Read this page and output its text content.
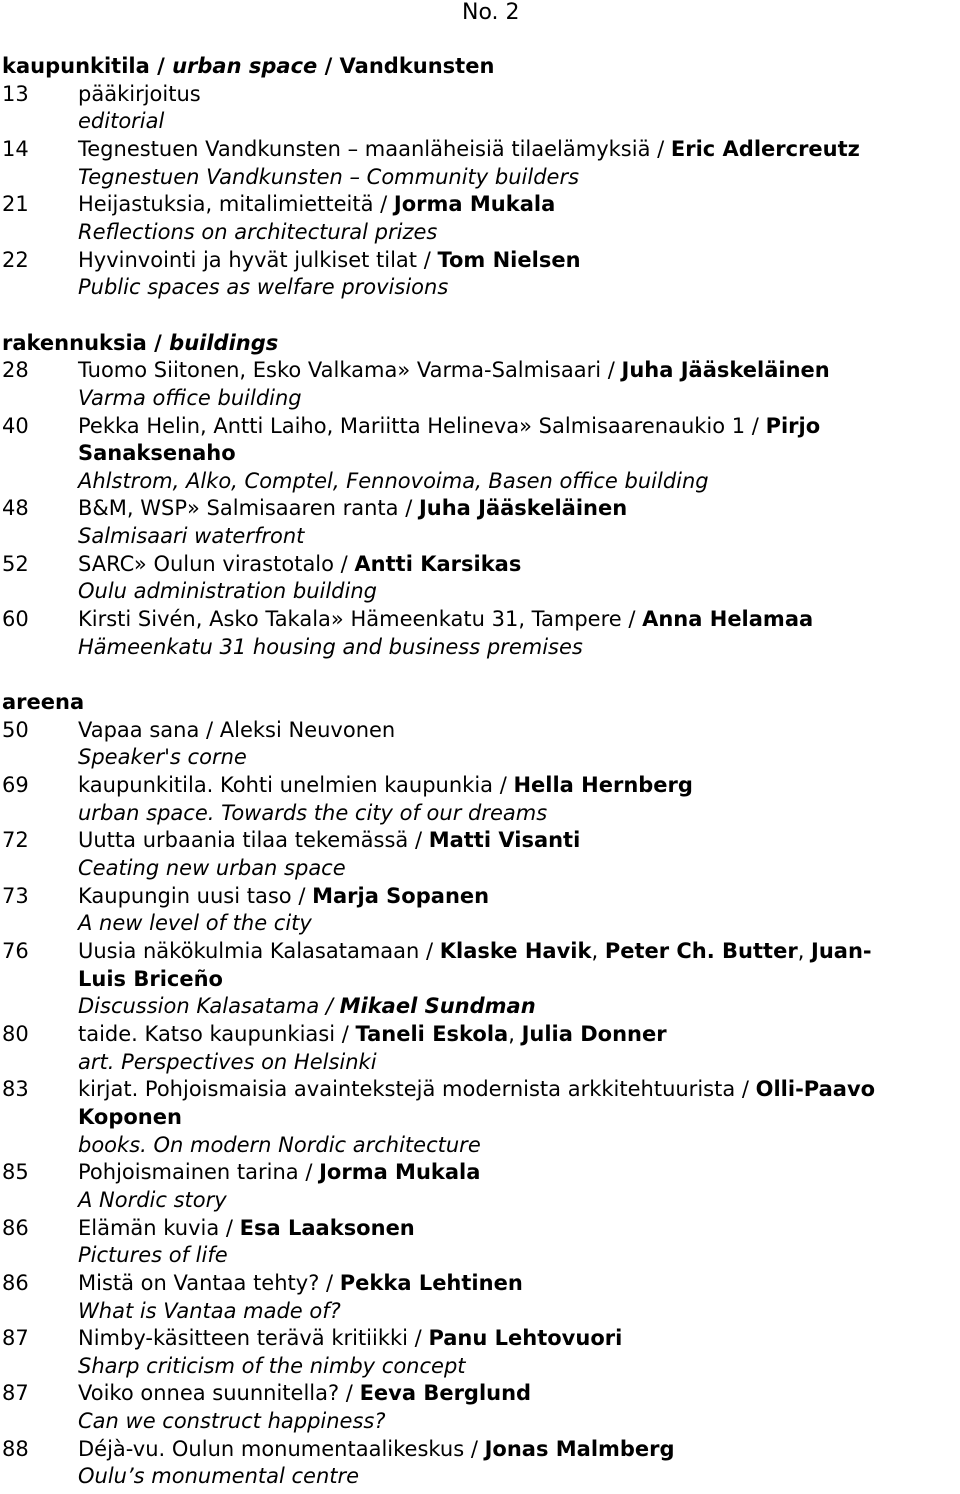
No. 2
kaupunkitila / urban space / Vandkunsten
13 pääkirjoitus
editorial
14 Tegnestuen Vandkunsten – maanläheisiä tilaelämyksiä / Eric Adlercreutz
Tegnestuen Vandkunsten – Community builders
21 Heijastuksia, mitalimietteitä / Jorma Mukala
Reflections on architectural prizes
22 Hyvinvointi ja hyvät julkiset tilat / Tom Nielsen
Public spaces as welfare provisions
rakennuksia / buildings
28 Tuomo Siitonen, Esko Valkama» Varma-Salmisaari / Juha Jääskeläinen
Varma office building
40 Pekka Helin, Antti Laiho, Mariitta Helineva» Salmisaarenaukio 1 / Pirjo
Sanaksenaho
Ahlstrom, Alko, Comptel, Fennovoima, Basen office building
48 B&M, WSP» Salmisaaren ranta / Juha Jääskeläinen
Salmisaari waterfront
52 SARC» Oulun virastotalo / Antti Karsikas
Oulu administration building
60 Kirsti Sivén, Asko Takala» Hämeenkatu 31, Tampere / Anna Helamaa
Hämeenkatu 31 housing and business premises
areena
50 Vapaa sana / Aleksi Neuvonen
Speaker's corne
69 kaupunkitila. Kohti unelmien kaupunkia / Hella Hernberg
urban space. Towards the city of our dreams
72 Uutta urbaania tilaa tekemässä / Matti Visanti
Ceating new urban space
73 Kaupungin uusi taso / Marja Sopanen
A new level of the city
76 Uusia näkökulmia Kalasatamaan / Klaske Havik, Peter Ch. Butter, Juan-
Luis Briceño
Discussion Kalasatama / Mikael Sundman
80 taide. Katso kaupunkiasi / Taneli Eskola, Julia Donner
art. Perspectives on Helsinki
83 kirjat. Pohjoismaisia avaintekstejä modernista arkkitehtuurista / Olli-Paavo
Koponen
books. On modern Nordic architecture
85 Pohjoismainen tarina / Jorma Mukala
A Nordic story
86 Elämän kuvia / Esa Laaksonen
Pictures of life
86 Mistä on Vantaa tehty? / Pekka Lehtinen
What is Vantaa made of?
87 Nimby-käsitteen terävä kritiikki / Panu Lehtovuori
Sharp criticism of the nimby concept
87 Voiko onnea suunnitella? / Eeva Berglund
Can we construct happiness?
88 Déjà-vu. Oulun monumentaalikeskus / Jonas Malmberg
Oulu’s monumental centre
